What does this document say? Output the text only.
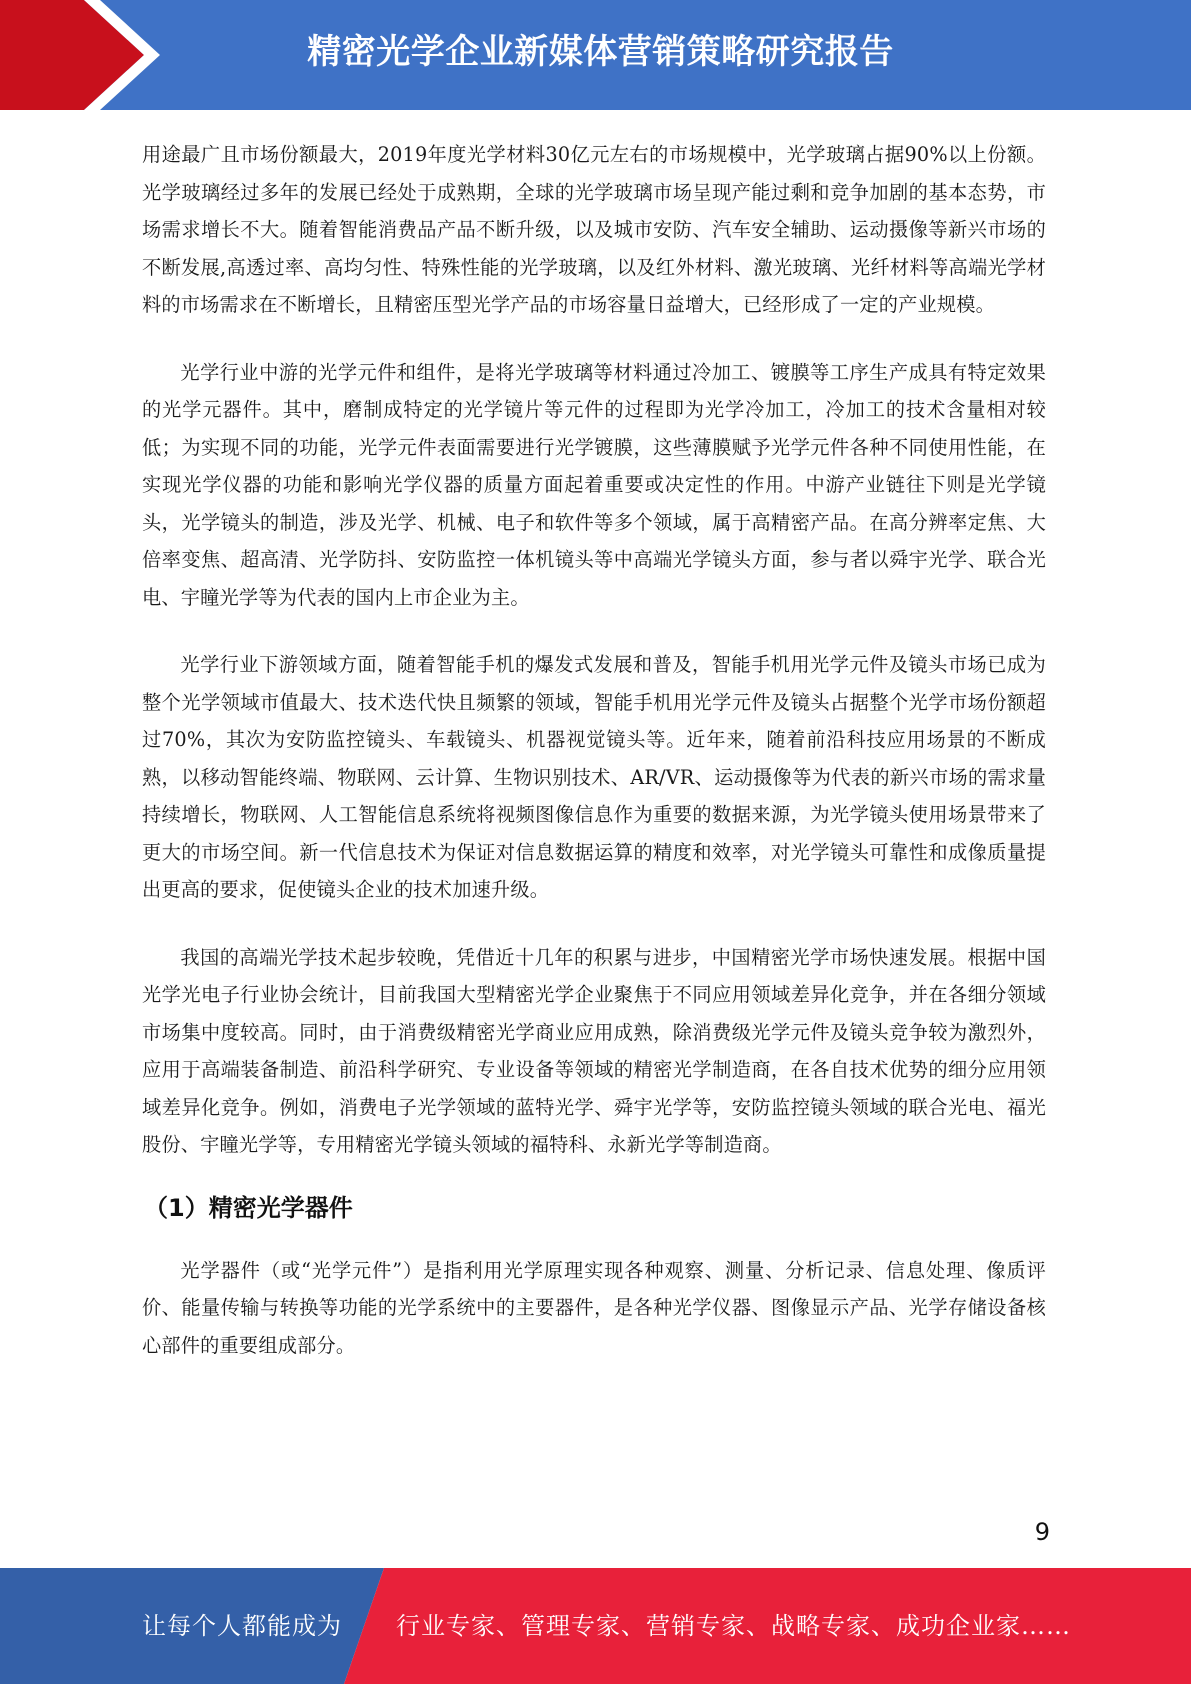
精密光学企业新媒体营销策略研究报告

用途最广且市场份额最大，2019年度光学材料30亿元左右的市场规模中，光学玻璃占据90%以上份额。光学玻璃经过多年的发展已经处于成熟期，全球的光学玻璃市场呈现产能过剩和竞争加剧的基本态势，市场需求增长不大。随着智能消费品产品不断升级，以及城市安防、汽车安全辅助、运动摄像等新兴市场的不断发展,高透过率、高均匀性、特殊性能的光学玻璃，以及红外材料、激光玻璃、光纤材料等高端光学材料的市场需求在不断增长，且精密压型光学产品的市场容量日益增大，已经形成了一定的产业规模。

光学行业中游的光学元件和组件，是将光学玻璃等材料通过冷加工、镀膜等工序生产成具有特定效果的光学元器件。其中，磨制成特定的光学镜片等元件的过程即为光学冷加工，冷加工的技术含量相对较低；为实现不同的功能，光学元件表面需要进行光学镀膜，这些薄膜赋予光学元件各种不同使用性能，在实现光学仪器的功能和影响光学仪器的质量方面起着重要或决定性的作用。中游产业链往下则是光学镜头，光学镜头的制造，涉及光学、机械、电子和软件等多个领域，属于高精密产品。在高分辨率定焦、大倍率变焦、超高清、光学防抖、安防监控一体机镜头等中高端光学镜头方面，参与者以舜宇光学、联合光电、宇瞳光学等为代表的国内上市企业为主。

光学行业下游领域方面，随着智能手机的爆发式发展和普及，智能手机用光学元件及镜头市场已成为整个光学领域市值最大、技术迭代快且频繁的领域，智能手机用光学元件及镜头占据整个光学市场份额超过70%，其次为安防监控镜头、车载镜头、机器视觉镜头等。近年来，随着前沿科技应用场景的不断成熟，以移动智能终端、物联网、云计算、生物识别技术、AR/VR、运动摄像等为代表的新兴市场的需求量持续增长，物联网、人工智能信息系统将视频图像信息作为重要的数据来源，为光学镜头使用场景带来了更大的市场空间。新一代信息技术为保证对信息数据运算的精度和效率，对光学镜头可靠性和成像质量提出更高的要求，促使镜头企业的技术加速升级。

我国的高端光学技术起步较晚，凭借近十几年的积累与进步，中国精密光学市场快速发展。根据中国光学光电子行业协会统计，目前我国大型精密光学企业聚焦于不同应用领域差异化竞争，并在各细分领域市场集中度较高。同时，由于消费级精密光学商业应用成熟，除消费级光学元件及镜头竞争较为激烈外，应用于高端装备制造、前沿科学研究、专业设备等领域的精密光学制造商，在各自技术优势的细分应用领域差异化竞争。例如，消费电子光学领域的蓝特光学、舜宇光学等，安防监控镜头领域的联合光电、福光股份、宇瞳光学等，专用精密光学镜头领域的福特科、永新光学等制造商。

（1）精密光学器件

光学器件（或“光学元件”）是指利用光学原理实现各种观察、测量、分析记录、信息处理、像质评价、能量传输与转换等功能的光学系统中的主要器件，是各种光学仪器、图像显示产品、光学存储设备核心部件的重要组成部分。

9
让每个人都能成为 行业专家、管理专家、营销专家、战略专家、成功企业家……
